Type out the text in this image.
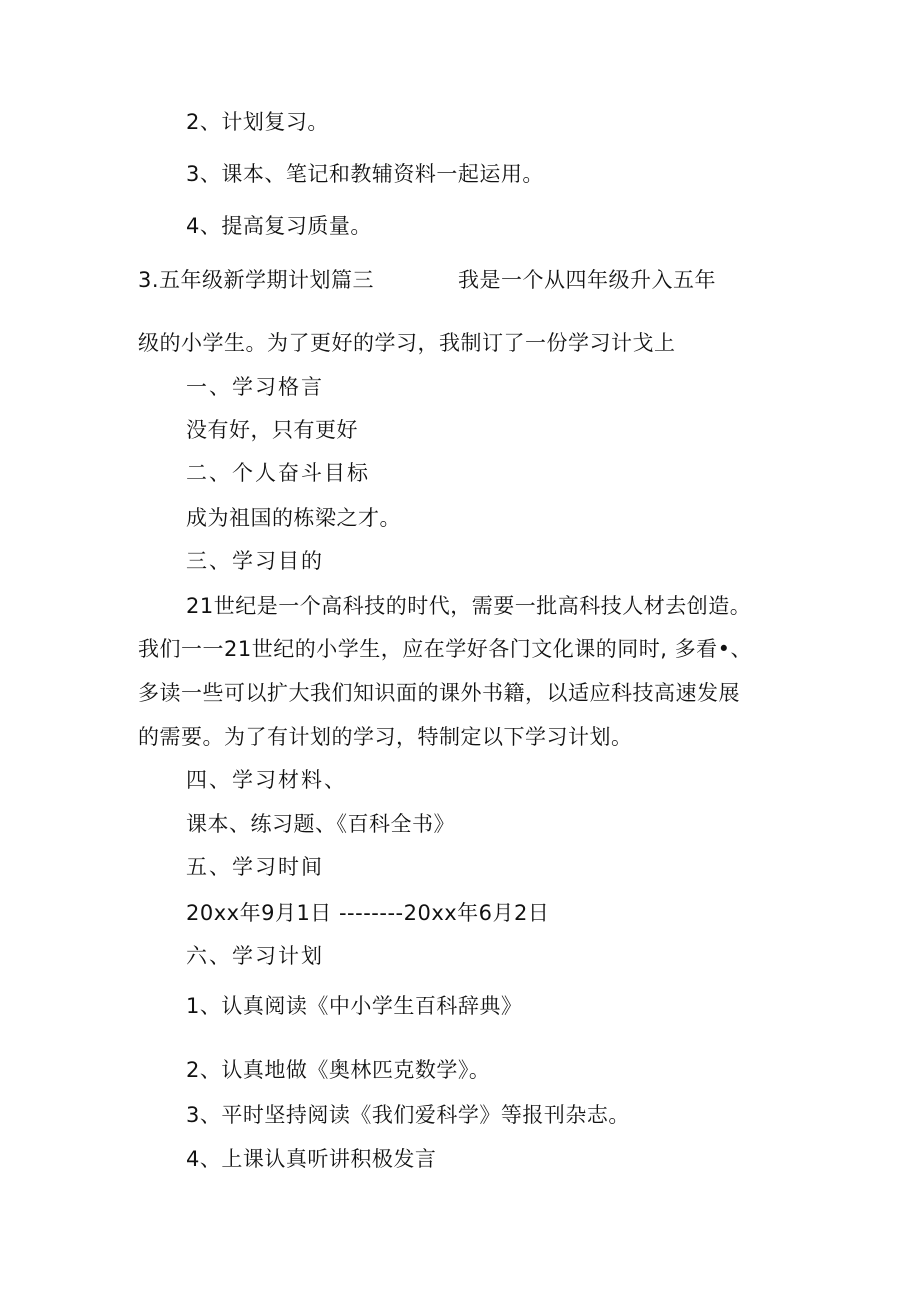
2、计划复习。
3、课本、笔记和教辅资料一起运用。
4、提高复习质量。
3.五年级新学期计划篇三	我是一个从四年级升入五年
级的小学生。为了更好的学习，我制订了一份学习计戈上
一、学习格言
没有好，只有更好
二、个人奋斗目标
成为祖国的栋梁之才。
三、学习目的
21世纪是一个高科技的时代，需要一批高科技人材去创造。
我们一一21世纪的小学生，应在学好各门文化课的同时, 多看•、
多读一些可以扩大我们知识面的课外书籍，以适应科技高速发展
的需要。为了有计划的学习，特制定以下学习计划。
四、学习材料、
课本、练习题、《百科全书》
五、学习时间
20xx年9月1日 --------20xx年6月2日
六、学习计划
1、认真阅读《中小学生百科辞典》
2、认真地做《奥林匹克数学》。
3、平时坚持阅读《我们爱科学》等报刊杂志。
4、上课认真听讲积极发言
